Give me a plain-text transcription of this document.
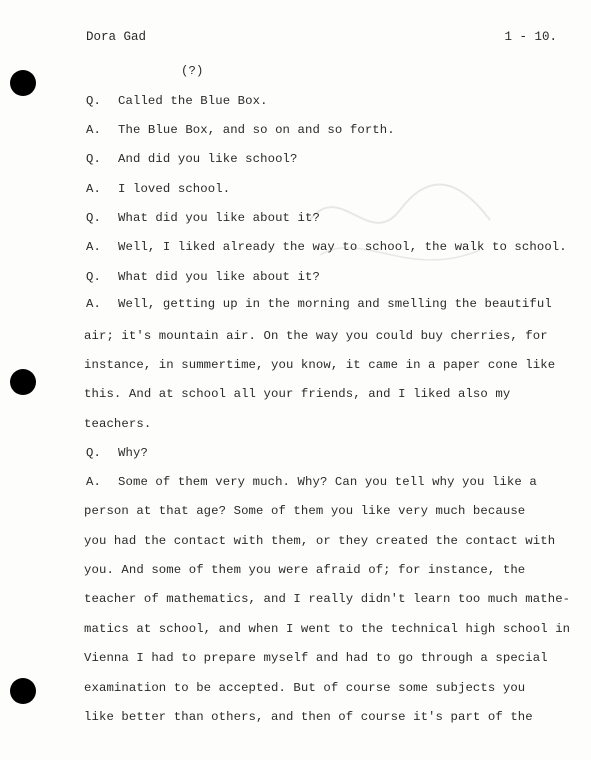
Dora Gad	1 - 10.
(?)
Q. Called the Blue Box.
A. The Blue Box, and so on and so forth.
Q. And did you like school?
A. I loved school.
Q. What did you like about it?
A. Well, I liked already the way to school, the walk to school.
Q. What did you like about it?
A. Well, getting up in the morning and smelling the beautiful
air; it's mountain air. On the way you could buy cherries, for
instance, in summertime, you know, it came in a paper cone like
this. And at school all your friends, and I liked also my
teachers.
Q. Why?
A. Some of them very much. Why? Can you tell why you like a
person at that age? Some of them you like very much because
you had the contact with them, or they created the contact with
you. And some of them you were afraid of; for instance, the
teacher of mathematics, and I really didn't learn too much mathe-
matics at school, and when I went to the technical high school in
Vienna I had to prepare myself and had to go through a special
examination to be accepted. But of course some subjects you
like better than others, and then of course it's part of the
